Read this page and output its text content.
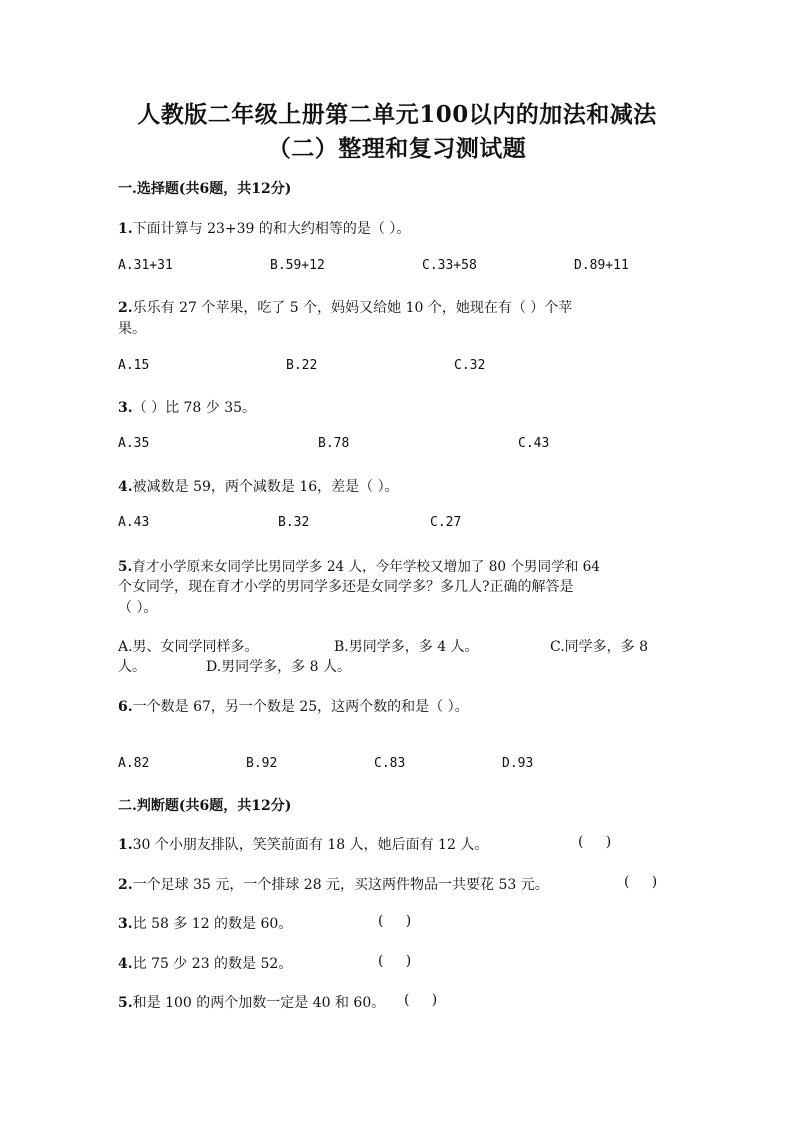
人教版二年级上册第二单元100以内的加法和减法
（二）整理和复习测试题
一.选择题(共6题，共12分)
1.下面计算与 23+39 的和大约相等的是（ ）。
A.31+31	B.59+12	C.33+58	D.89+11
2.乐乐有 27 个苹果，吃了 5 个，妈妈又给她 10 个，她现在有（ ）个苹
果。
A.15	B.22	C.32
3.（ ）比 78 少 35。
A.35	B.78	C.43
4.被减数是 59，两个减数是 16，差是（ ）。
A.43	B.32	C.27
5.育才小学原来女同学比男同学多 24 人，今年学校又增加了 80 个男同学和 64
个女同学，现在育才小学的男同学多还是女同学多？多几人?正确的解答是
（ ）。
A.男、女同学同样多。	B.男同学多，多 4 人。	C.同学多，多 8
人。	D.男同学多，多 8 人。
6.一个数是 67，另一个数是 25，这两个数的和是（ ）。
A.82	B.92	C.83	D.93
二.判断题(共6题，共12分)
1.30 个小朋友排队，笑笑前面有 18 人，她后面有 12 人。	(     )
2.一个足球 35 元，一个排球 28 元，买这两件物品一共要花 53 元。	(     )
3.比 58 多 12 的数是 60。	(     )
4.比 75 少 23 的数是 52。	(     )
5.和是 100 的两个加数一定是 40 和 60。 (     )
